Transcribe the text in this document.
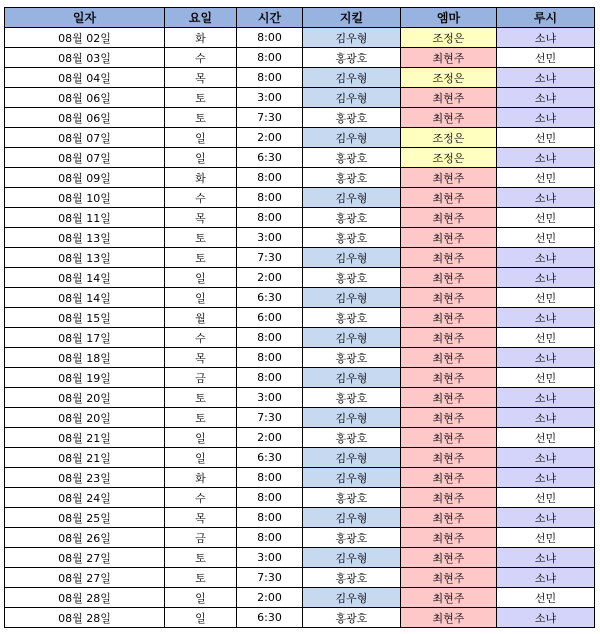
일자	요일	시간	지킬	엠마	루시
08월 02일	화	8:00	김우형	조정은	소냐
08월 03일	수	8:00	홍광호	최현주	선민
08월 04일	목	8:00	김우형	조정은	소냐
08월 06일	토	3:00	김우형	최현주	소냐
08월 06일	토	7:30	홍광호	최현주	소냐
08월 07일	일	2:00	김우형	조정은	선민
08월 07일	일	6:30	홍광호	조정은	소냐
08월 09일	화	8:00	홍광호	최현주	선민
08월 10일	수	8:00	김우형	최현주	소냐
08월 11일	목	8:00	홍광호	최현주	선민
08월 13일	토	3:00	홍광호	최현주	선민
08월 13일	토	7:30	김우형	최현주	소냐
08월 14일	일	2:00	홍광호	최현주	소냐
08월 14일	일	6:30	김우형	최현주	선민
08월 15일	월	6:00	홍광호	최현주	소냐
08월 17일	수	8:00	김우형	최현주	선민
08월 18일	목	8:00	홍광호	최현주	소냐
08월 19일	금	8:00	김우형	최현주	선민
08월 20일	토	3:00	홍광호	최현주	소냐
08월 20일	토	7:30	김우형	최현주	소냐
08월 21일	일	2:00	홍광호	최현주	선민
08월 21일	일	6:30	김우형	최현주	소냐
08월 23일	화	8:00	김우형	최현주	소냐
08월 24일	수	8:00	홍광호	최현주	선민
08월 25일	목	8:00	김우형	최현주	소냐
08월 26일	금	8:00	홍광호	최현주	선민
08월 27일	토	3:00	김우형	최현주	소냐
08월 27일	토	7:30	홍광호	최현주	소냐
08월 28일	일	2:00	김우형	최현주	선민
08월 28일	일	6:30	홍광호	최현주	소냐
